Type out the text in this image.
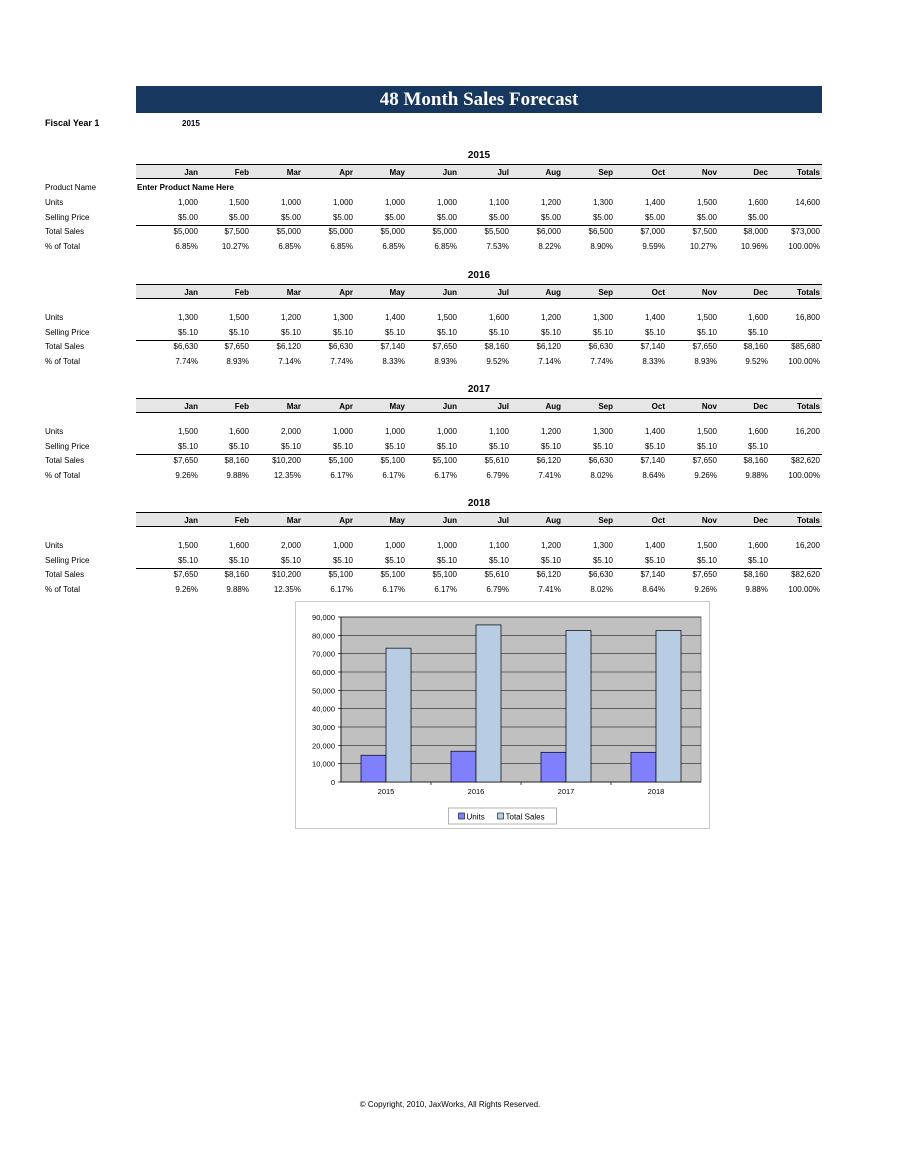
48 Month Sales Forecast
Fiscal Year 1	2015
2015
Jan	Feb	Mar	Apr	May	Jun	Jul	Aug	Sep	Oct	Nov	Dec	Totals
Product Name	Enter Product Name Here
Units	1,000	1,500	1,000	1,000	1,000	1,000	1,100	1,200	1,300	1,400	1,500	1,600	14,600
Selling Price	$5.00	$5.00	$5.00	$5.00	$5.00	$5.00	$5.00	$5.00	$5.00	$5.00	$5.00	$5.00
Total Sales	$5,000	$7,500	$5,000	$5,000	$5,000	$5,000	$5,500	$6,000	$6,500	$7,000	$7,500	$8,000	$73,000
% of Total	6.85%	10.27%	6.85%	6.85%	6.85%	6.85%	7.53%	8.22%	8.90%	9.59%	10.27%	10.96%	100.00%
2016
Jan	Feb	Mar	Apr	May	Jun	Jul	Aug	Sep	Oct	Nov	Dec	Totals
Units	1,300	1,500	1,200	1,300	1,400	1,500	1,600	1,200	1,300	1,400	1,500	1,600	16,800
Selling Price	$5.10	$5.10	$5.10	$5.10	$5.10	$5.10	$5.10	$5.10	$5.10	$5.10	$5.10	$5.10
Total Sales	$6,630	$7,650	$6,120	$6,630	$7,140	$7,650	$8,160	$6,120	$6,630	$7,140	$7,650	$8,160	$85,680
% of Total	7.74%	8.93%	7.14%	7.74%	8.33%	8.93%	9.52%	7.14%	7.74%	8.33%	8.93%	9.52%	100.00%
2017
Jan	Feb	Mar	Apr	May	Jun	Jul	Aug	Sep	Oct	Nov	Dec	Totals
Units	1,500	1,600	2,000	1,000	1,000	1,000	1,100	1,200	1,300	1,400	1,500	1,600	16,200
Selling Price	$5.10	$5.10	$5.10	$5.10	$5.10	$5.10	$5.10	$5.10	$5.10	$5.10	$5.10	$5.10
Total Sales	$7,650	$8,160	$10,200	$5,100	$5,100	$5,100	$5,610	$6,120	$6,630	$7,140	$7,650	$8,160	$82,620
% of Total	9.26%	9.88%	12.35%	6.17%	6.17%	6.17%	6.79%	7.41%	8.02%	8.64%	9.26%	9.88%	100.00%
2018
Jan	Feb	Mar	Apr	May	Jun	Jul	Aug	Sep	Oct	Nov	Dec	Totals
Units	1,500	1,600	2,000	1,000	1,000	1,000	1,100	1,200	1,300	1,400	1,500	1,600	16,200
Selling Price	$5.10	$5.10	$5.10	$5.10	$5.10	$5.10	$5.10	$5.10	$5.10	$5.10	$5.10	$5.10
Total Sales	$7,650	$8,160	$10,200	$5,100	$5,100	$5,100	$5,610	$6,120	$6,630	$7,140	$7,650	$8,160	$82,620
% of Total	9.26%	9.88%	12.35%	6.17%	6.17%	6.17%	6.79%	7.41%	8.02%	8.64%	9.26%	9.88%	100.00%
0
10,000
20,000
30,000
40,000
50,000
60,000
70,000
80,000
90,000
2015	2016	2017	2018
Units	Total Sales
© Copyright, 2010, JaxWorks, All Rights Reserved.
